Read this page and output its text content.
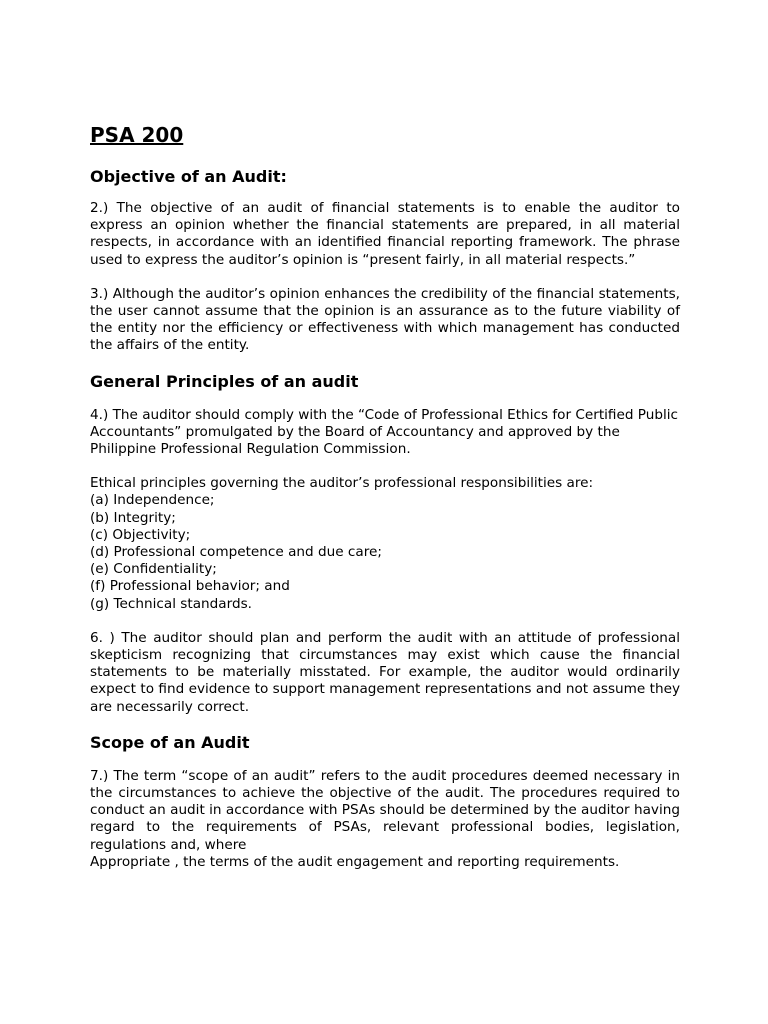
PSA 200
Objective of an Audit:

2.) The objective of an audit of financial statements is to enable the auditor to express an opinion whether the financial statements are prepared, in all material respects, in accordance with an identified financial reporting framework. The phrase used to express the auditor’s opinion is “present fairly, in all material respects.”

3.) Although the auditor’s opinion enhances the credibility of the financial statements, the user cannot assume that the opinion is an assurance as to the future viability of the entity nor the efficiency or effectiveness with which management has conducted the affairs of the entity.

General Principles of an audit

4.) The auditor should comply with the “Code of Professional Ethics for Certified Public Accountants” promulgated by the Board of Accountancy and approved by the Philippine Professional Regulation Commission.

Ethical principles governing the auditor’s professional responsibilities are:

(a) Independence;
(b) Integrity;
(c) Objectivity;
(d) Professional competence and due care;
(e) Confidentiality;
(f) Professional behavior; and
(g) Technical standards.

6. ) The auditor should plan and perform the audit with an attitude of professional skepticism recognizing that circumstances may exist which cause the financial statements to be materially misstated. For example, the auditor would ordinarily expect to find evidence to support management representations and not assume they are necessarily correct.

Scope of an Audit

7.) The term “scope of an audit” refers to the audit procedures deemed necessary in the circumstances to achieve the objective of the audit. The procedures required to conduct an audit in accordance with PSAs should be determined by the auditor having regard to the requirements of PSAs, relevant professional bodies, legislation, regulations and, where

Appropriate , the terms of the audit engagement and reporting requirements.
